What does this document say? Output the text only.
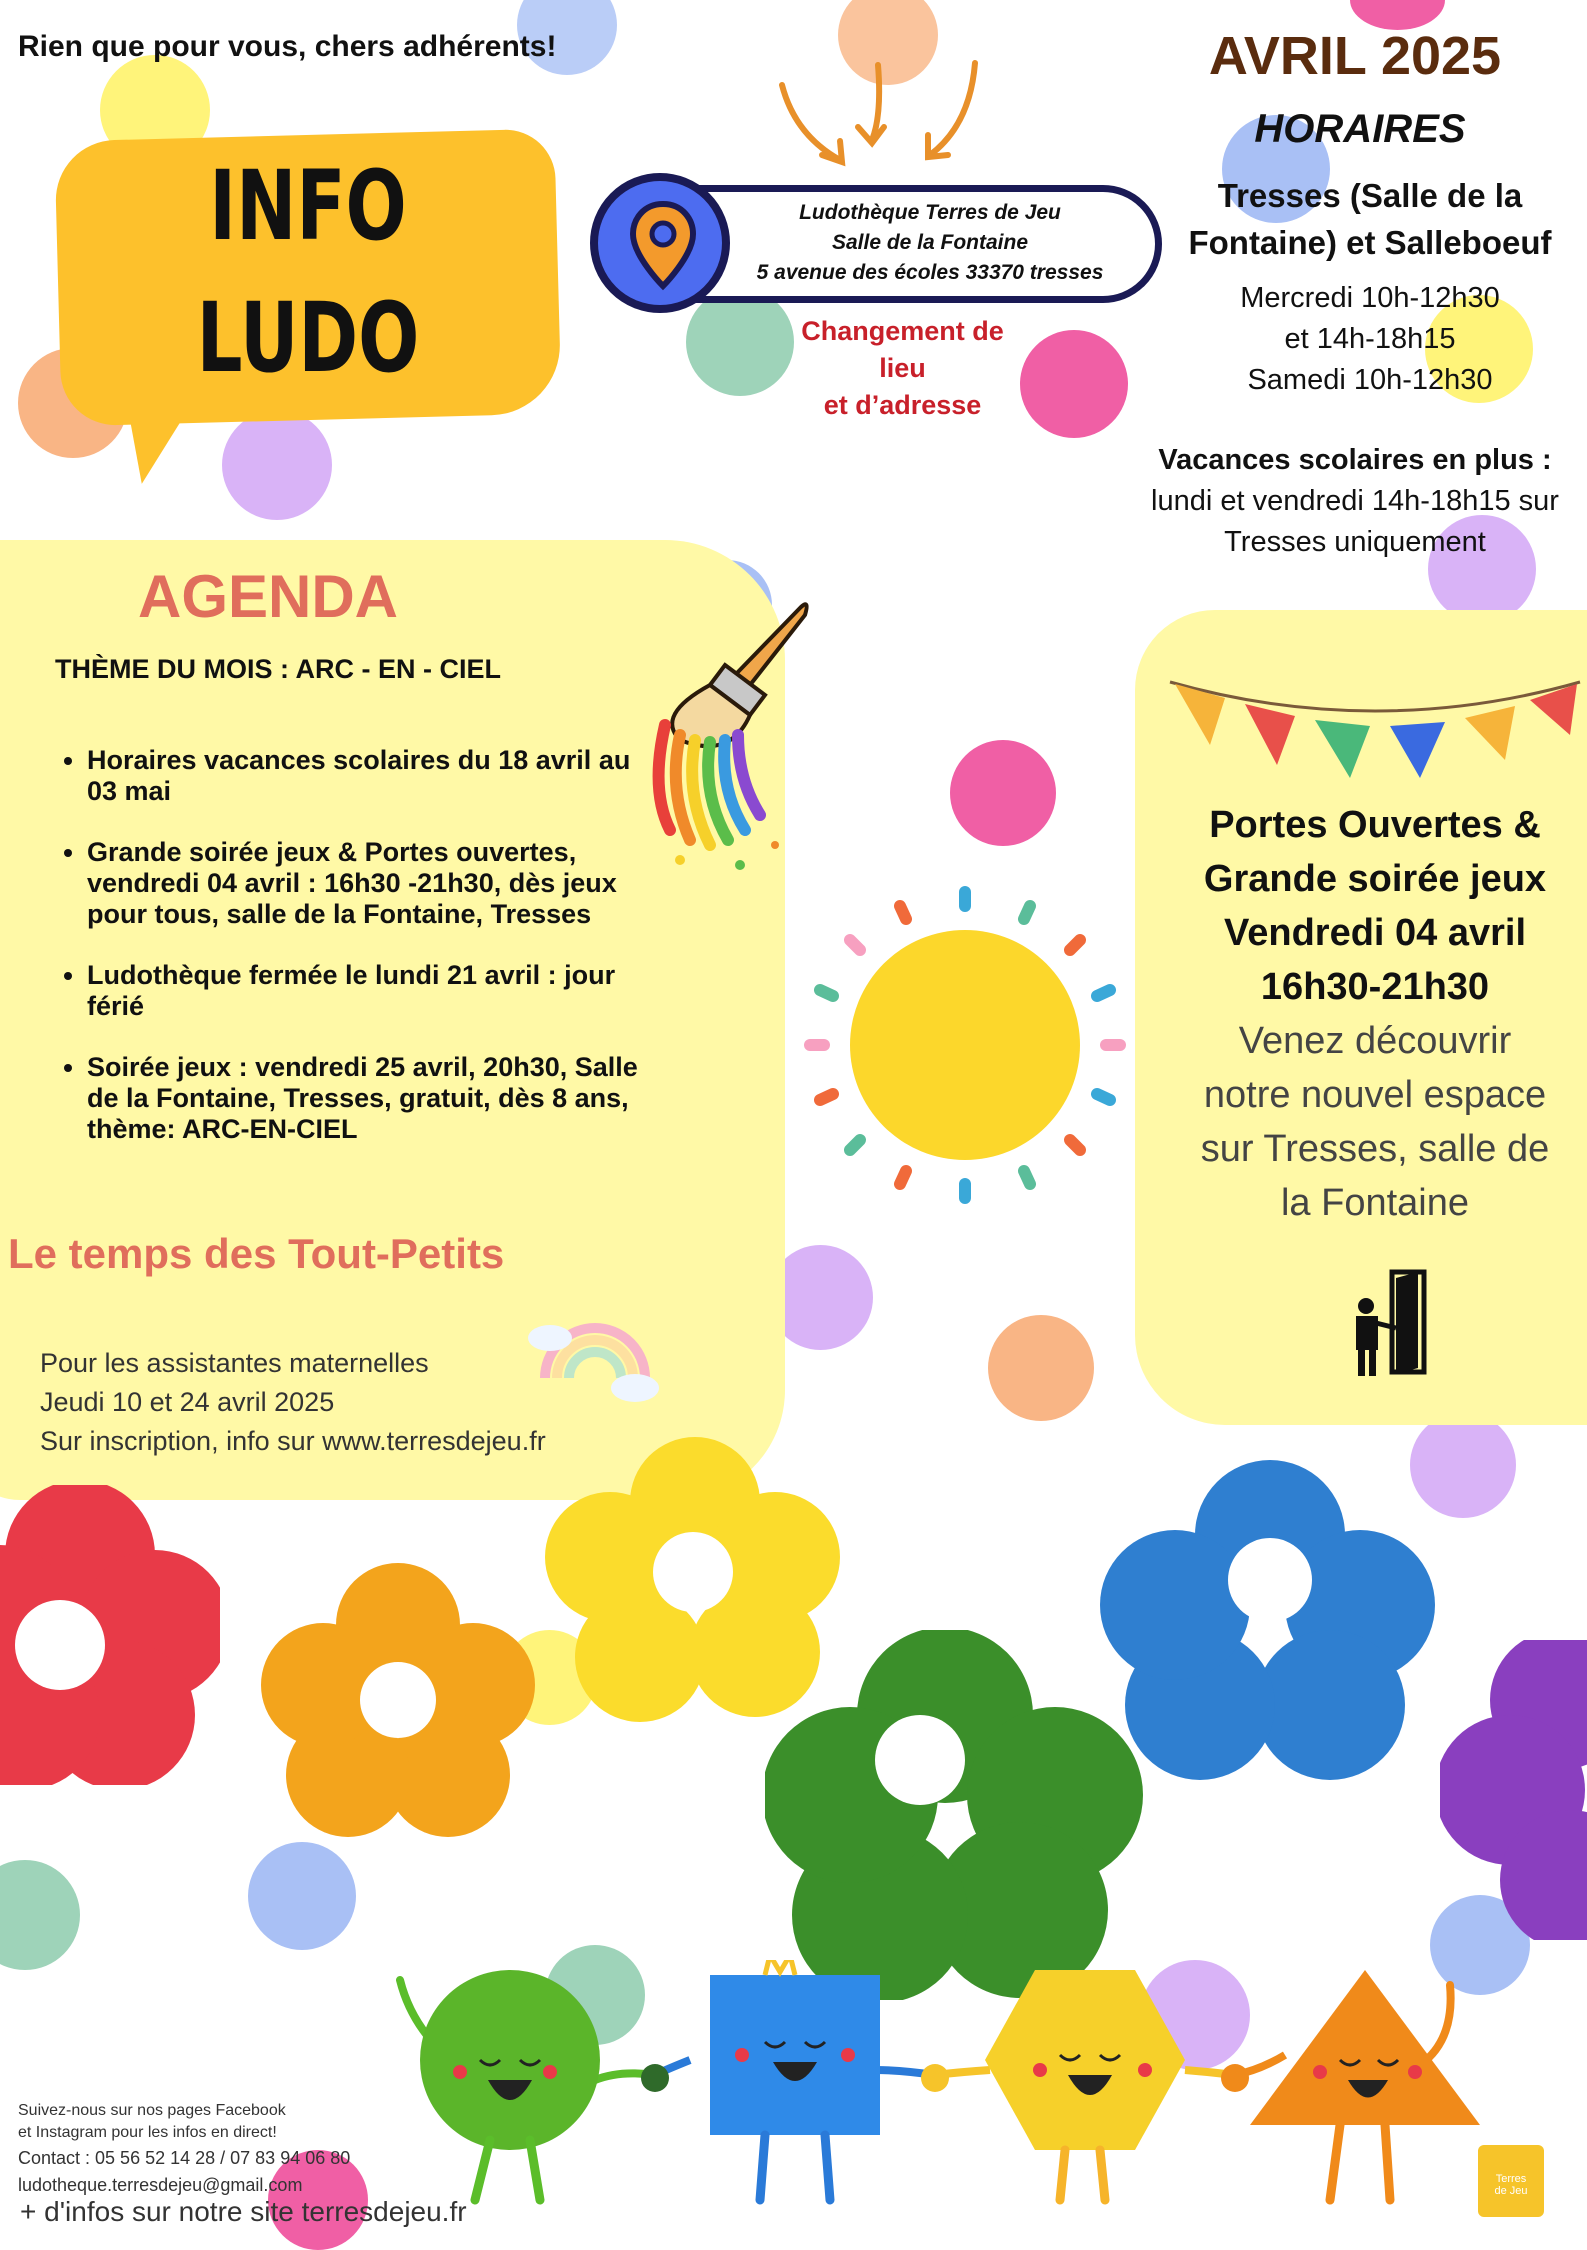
Rien que pour vous, chers adhérents!
INFO
LUDO
Ludothèque Terres de Jeu
Salle de la Fontaine
5 avenue des écoles 33370 tresses
Changement de
lieu
et d’adresse
AVRIL 2025
HORAIRES
Tresses (Salle de la
Fontaine) et Salleboeuf
Mercredi 10h-12h30
et 14h-18h15
Samedi 10h-12h30
Vacances scolaires en plus :
lundi et vendredi 14h-18h15 sur
Tresses uniquement
AGENDA
THÈME DU MOIS : ARC - EN - CIEL
• Horaires vacances scolaires du 18 avril au 03 mai
• Grande soirée jeux & Portes ouvertes, vendredi 04 avril : 16h30 -21h30, dès jeux pour tous, salle de la Fontaine, Tresses
• Ludothèque fermée le lundi 21 avril : jour férié
• Soirée jeux : vendredi 25 avril, 20h30, Salle de la Fontaine, Tresses, gratuit, dès 8 ans, thème: ARC-EN-CIEL
Le temps des Tout-Petits
Pour les assistantes maternelles
Jeudi 10 et 24 avril 2025
Sur inscription, info sur www.terresdejeu.fr
Portes Ouvertes &
Grande soirée jeux
Vendredi 04 avril
16h30-21h30
Venez découvrir
notre nouvel espace
sur Tresses, salle de
la Fontaine
Suivez-nous sur nos pages Facebook
et Instagram pour les infos en direct!
Contact : 05 56 52 14 28 / 07 83 94 06 80
ludotheque.terresdejeu@gmail.com
+ d'infos sur notre site terresdejeu.fr
Terres
de Jeu
